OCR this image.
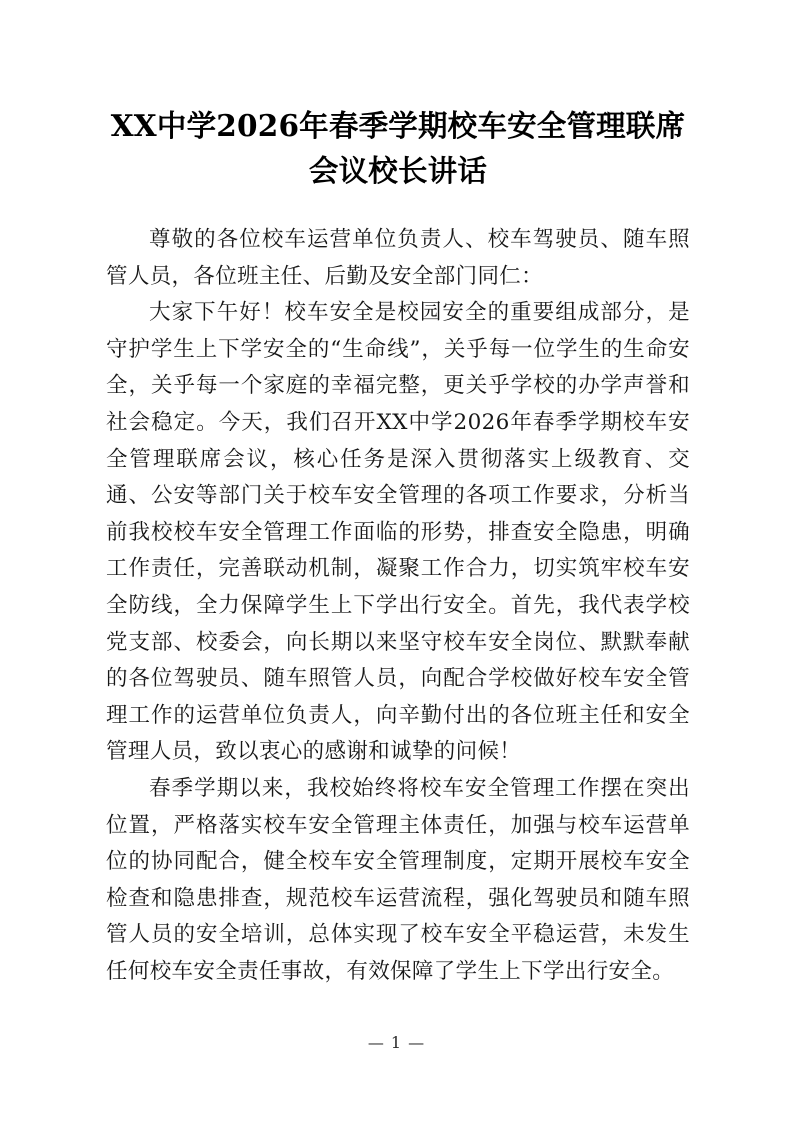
XX中学2026年春季学期校车安全管理联席会议校长讲话

尊敬的各位校车运营单位负责人、校车驾驶员、随车照管人员，各位班主任、后勤及安全部门同仁：

大家下午好！校车安全是校园安全的重要组成部分，是守护学生上下学安全的“生命线”，关乎每一位学生的生命安全，关乎每一个家庭的幸福完整，更关乎学校的办学声誉和社会稳定。今天，我们召开XX中学2026年春季学期校车安全管理联席会议，核心任务是深入贯彻落实上级教育、交通、公安等部门关于校车安全管理的各项工作要求，分析当前我校校车安全管理工作面临的形势，排查安全隐患，明确工作责任，完善联动机制，凝聚工作合力，切实筑牢校车安全防线，全力保障学生上下学出行安全。首先，我代表学校党支部、校委会，向长期以来坚守校车安全岗位、默默奉献的各位驾驶员、随车照管人员，向配合学校做好校车安全管理工作的运营单位负责人，向辛勤付出的各位班主任和安全管理人员，致以衷心的感谢和诚挚的问候！

春季学期以来，我校始终将校车安全管理工作摆在突出位置，严格落实校车安全管理主体责任，加强与校车运营单位的协同配合，健全校车安全管理制度，定期开展校车安全检查和隐患排查，规范校车运营流程，强化驾驶员和随车照管人员的安全培训，总体实现了校车安全平稳运营，未发生任何校车安全责任事故，有效保障了学生上下学出行安全。

— 1 —
